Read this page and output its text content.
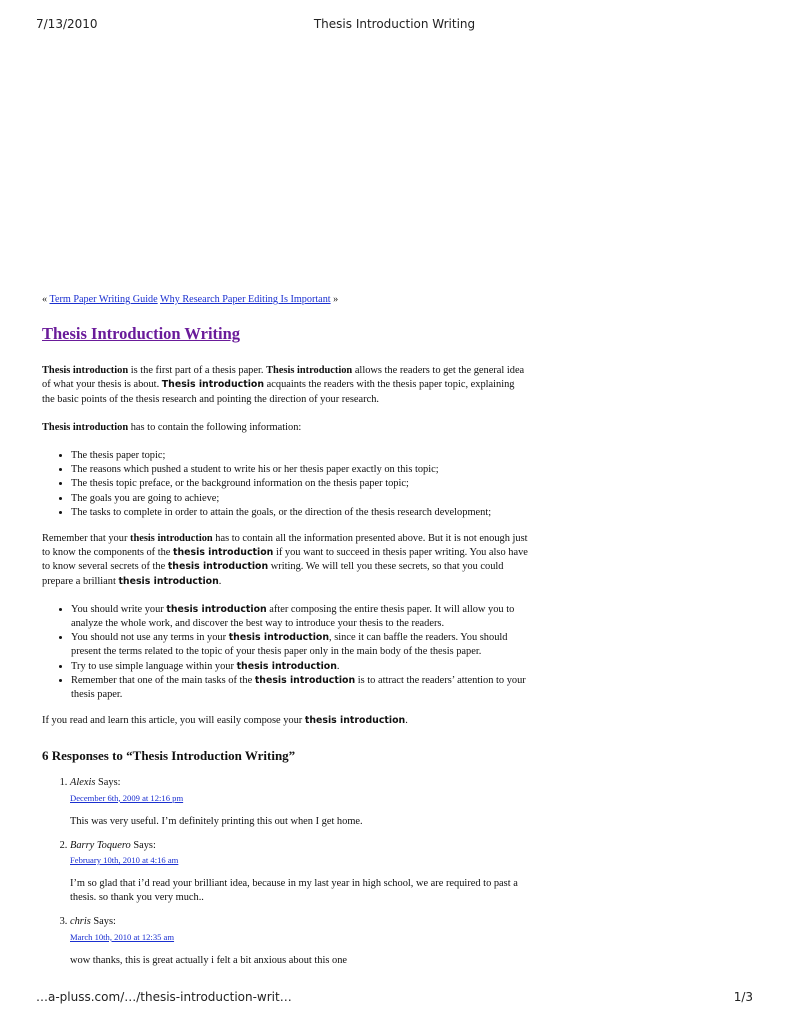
7/13/2010	Thesis Introduction Writing
« Term Paper Writing Guide Why Research Paper Editing Is Important »
Thesis Introduction Writing

Thesis introduction is the first part of a thesis paper. Thesis introduction allows the readers to get the general idea of what your thesis is about. Thesis introduction acquaints the readers with the thesis paper topic, explaining the basic points of the thesis research and pointing the direction of your research.

Thesis introduction has to contain the following information:

• The thesis paper topic;
• The reasons which pushed a student to write his or her thesis paper exactly on this topic;
• The thesis topic preface, or the background information on the thesis paper topic;
• The goals you are going to achieve;
• The tasks to complete in order to attain the goals, or the direction of the thesis research development;

Remember that your thesis introduction has to contain all the information presented above. But it is not enough just to know the components of the thesis introduction if you want to succeed in thesis paper writing. You also have to know several secrets of the thesis introduction writing. We will tell you these secrets, so that you could prepare a brilliant thesis introduction.

• You should write your thesis introduction after composing the entire thesis paper. It will allow you to analyze the whole work, and discover the best way to introduce your thesis to the readers.
• You should not use any terms in your thesis introduction, since it can baffle the readers. You should present the terms related to the topic of your thesis paper only in the main body of the thesis paper.
• Try to use simple language within your thesis introduction.
• Remember that one of the main tasks of the thesis introduction is to attract the readers’ attention to your thesis paper.

If you read and learn this article, you will easily compose your thesis introduction.

6 Responses to “Thesis Introduction Writing”
1. Alexis Says:
December 6th, 2009 at 12:16 pm

This was very useful. I’m definitely printing this out when I get home.

2. Barry Toquero Says:
February 10th, 2010 at 4:16 am

I’m so glad that i’d read your brilliant idea, because in my last year in high school, we are required to past a thesis. so thank you very much..

3. chris Says:
March 10th, 2010 at 12:35 am

wow thanks, this is great actually i felt a bit anxious about this one

…a-pluss.com/…/thesis-introduction-writ…	1/3
